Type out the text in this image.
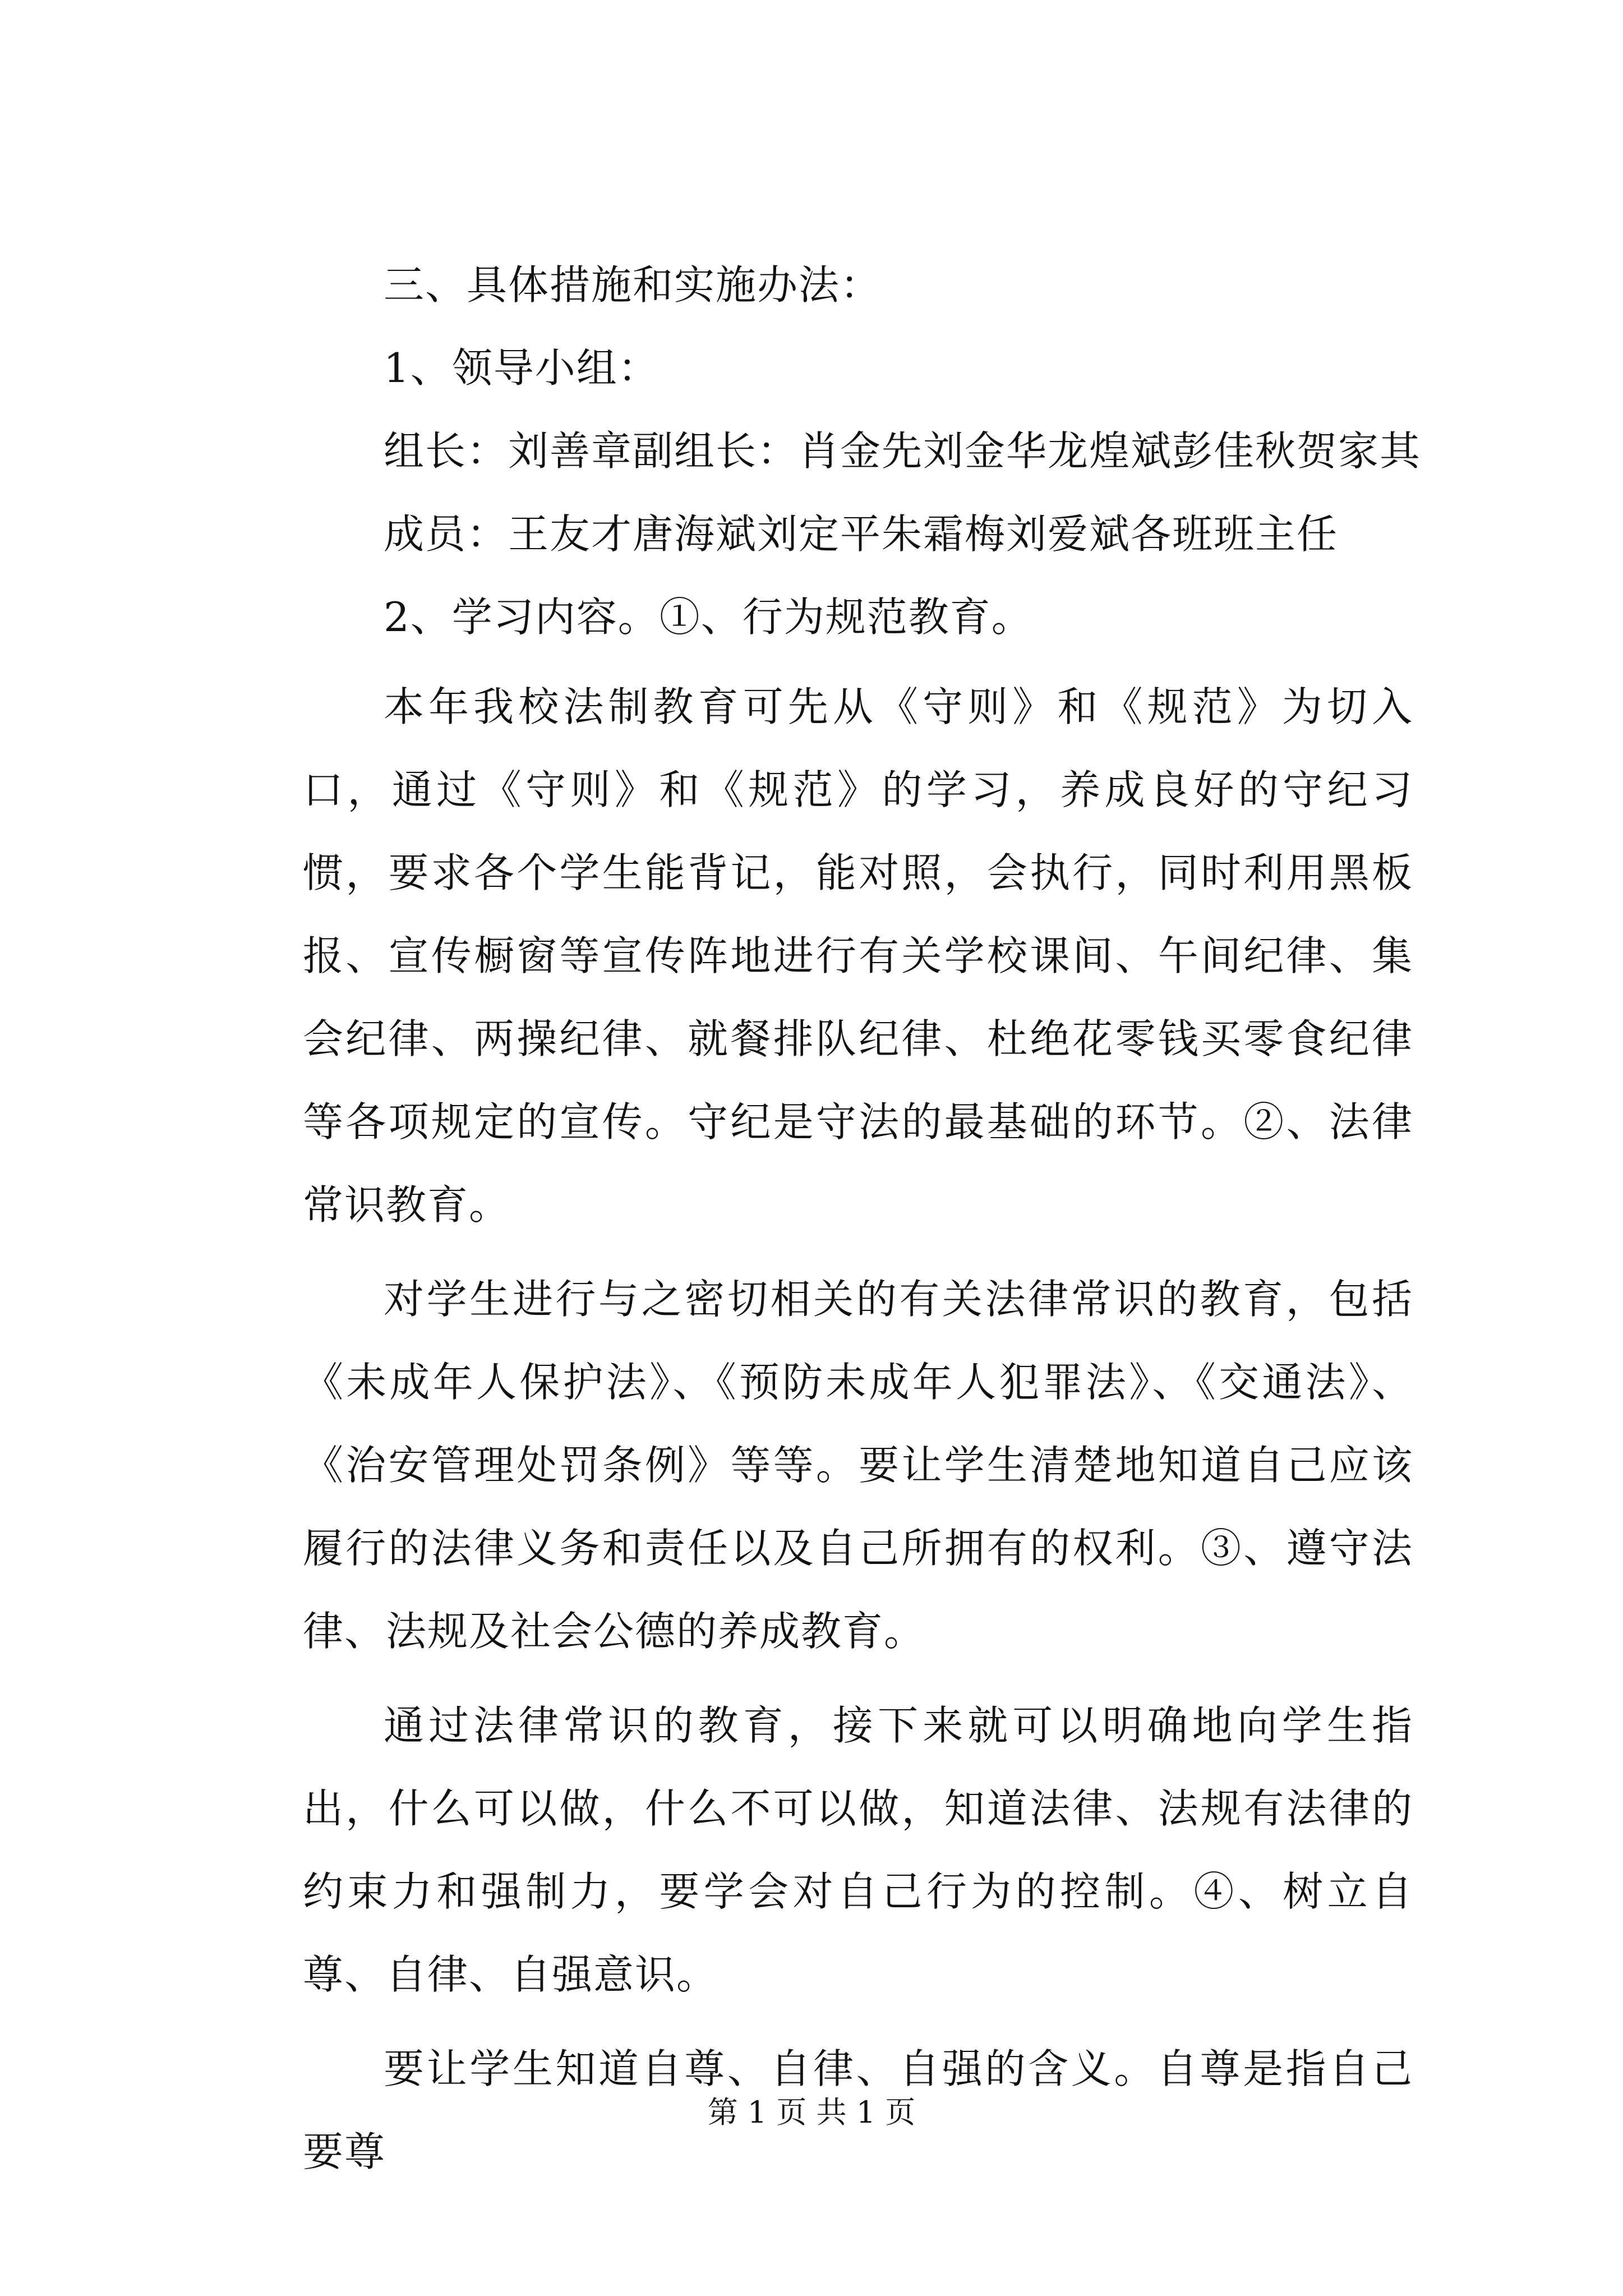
三、具体措施和实施办法：
1、领导小组：
组长：刘善章副组长：肖金先刘金华龙煌斌彭佳秋贺家其
成员：王友才唐海斌刘定平朱霜梅刘爱斌各班班主任
2、学习内容。①、行为规范教育。

本年我校法制教育可先从《守则》和《规范》为切入口，通过《守则》和《规范》的学习，养成良好的守纪习惯，要求各个学生能背记，能对照，会执行，同时利用黑板报、宣传橱窗等宣传阵地进行有关学校课间、午间纪律、集会纪律、两操纪律、就餐排队纪律、杜绝花零钱买零食纪律等各项规定的宣传。守纪是守法的最基础的环节。②、法律常识教育。

对学生进行与之密切相关的有关法律常识的教育，包括《未成年人保护法》、《预防未成年人犯罪法》、《交通法》、《治安管理处罚条例》等等。要让学生清楚地知道自己应该履行的法律义务和责任以及自己所拥有的权利。③、遵守法律、法规及社会公德的养成教育。

通过法律常识的教育，接下来就可以明确地向学生指出，什么可以做，什么不可以做，知道法律、法规有法律的约束力和强制力，要学会对自己行为的控制。④、树立自尊、自律、自强意识。

要让学生知道自尊、自律、自强的含义。自尊是指自己要尊

第 1 页 共 1 页
